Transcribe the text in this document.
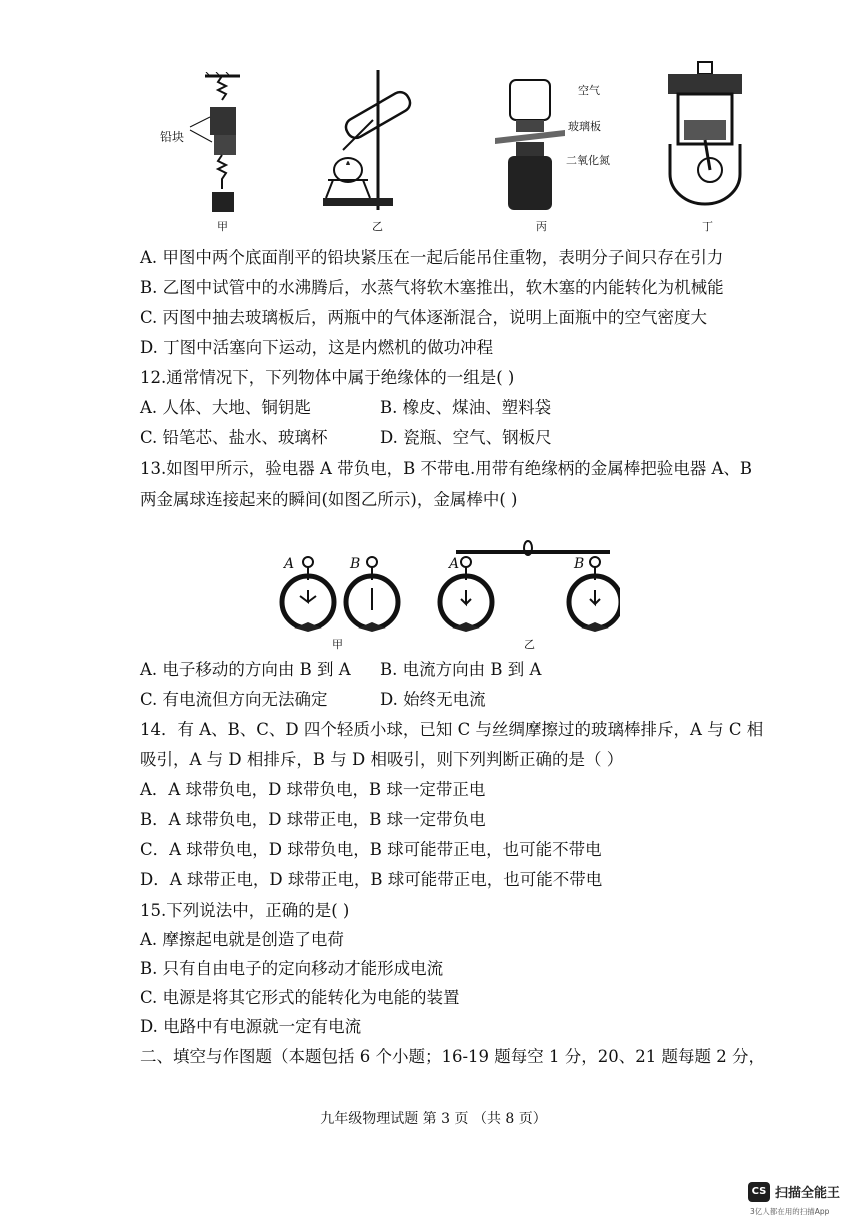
铅块
甲	乙
空气
玻璃板
二氧化氮
丙	丁
A. 甲图中两个底面削平的铅块紧压在一起后能吊住重物，表明分子间只存在引力
B. 乙图中试管中的水沸腾后，水蒸气将软木塞推出，软木塞的内能转化为机械能
C. 丙图中抽去玻璃板后，两瓶中的气体逐渐混合，说明上面瓶中的空气密度大
D. 丁图中活塞向下运动，这是内燃机的做功冲程
12.通常情况下，下列物体中属于绝缘体的一组是( )
A. 人体、大地、铜钥匙	B. 橡皮、煤油、塑料袋
C. 铅笔芯、盐水、玻璃杯	D. 瓷瓶、空气、钢板尺
13.如图甲所示，验电器 A 带负电，B 不带电.用带有绝缘柄的金属棒把验电器 A、B
两金属球连接起来的瞬间(如图乙所示)，金属棒中( )
A	B	A	B
甲	乙
A. 电子移动的方向由 B 到 A B. 电流方向由 B 到 A
C. 有电流但方向无法确定	D. 始终无电流
14．有 A、B、C、D 四个轻质小球，已知 C 与丝绸摩擦过的玻璃棒排斥，A 与 C 相
吸引，A 与 D 相排斥，B 与 D 相吸引，则下列判断正确的是（ ）
A．A 球带负电，D 球带负电，B 球一定带正电
B．A 球带负电，D 球带正电，B 球一定带负电
C．A 球带负电，D 球带负电，B 球可能带正电，也可能不带电
D．A 球带正电，D 球带正电，B 球可能带正电，也可能不带电
15.下列说法中，正确的是( )
A. 摩擦起电就是创造了电荷
B. 只有自由电子的定向移动才能形成电流
C. 电源是将其它形式的能转化为电能的装置
D. 电路中有电源就一定有电流
二、填空与作图题（本题包括 6 个小题；16-19 题每空 1 分，20、21 题每题 2 分，
九年级物理试题 第 3 页 （共 8 页）
CS 扫描全能王
3亿人都在用的扫描App
